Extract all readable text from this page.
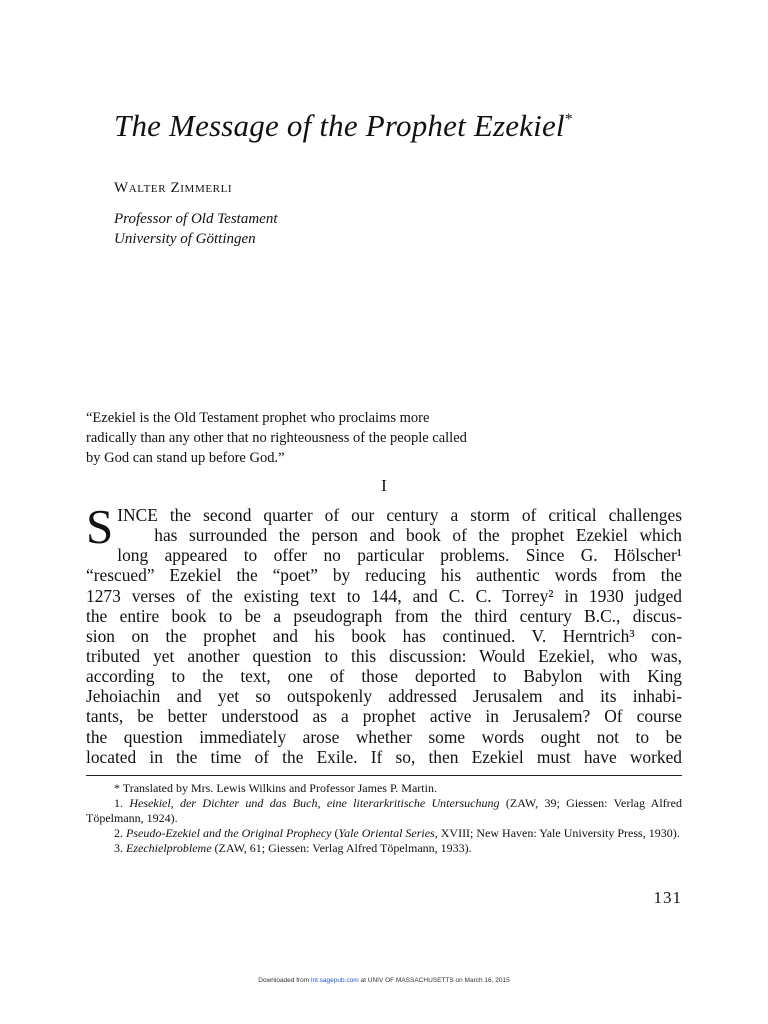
The Message of the Prophet Ezekiel*
Walter Zimmerli
Professor of Old Testament
University of Göttingen
“Ezekiel is the Old Testament prophet who proclaims more
radically than any other that no righteousness of the people called
by God can stand up before God.”
I
S INCE the second quarter of our century a storm of critical challenges
has surrounded the person and book of the prophet Ezekiel which
long appeared to offer no particular problems. Since G. Hölscher¹
“rescued” Ezekiel the “poet” by reducing his authentic words from the
1273 verses of the existing text to 144, and C. C. Torrey² in 1930 judged
the entire book to be a pseudograph from the third century B.C., discus-
sion on the prophet and his book has continued. V. Herntrich³ con-
tributed yet another question to this discussion: Would Ezekiel, who was,
according to the text, one of those deported to Babylon with King
Jehoiachin and yet so outspokenly addressed Jerusalem and its inhabi-
tants, be better understood as a prophet active in Jerusalem? Of course
the question immediately arose whether some words ought not to be
located in the time of the Exile. If so, then Ezekiel must have worked
* Translated by Mrs. Lewis Wilkins and Professor James P. Martin.
1. Hesekiel, der Dichter und das Buch, eine literarkritische Untersuchung (ZAW, 39; Giessen: Verlag Alfred Töpelmann, 1924).
2. Pseudo-Ezekiel and the Original Prophecy (Yale Oriental Series, XVIII; New Haven: Yale University Press, 1930).
3. Ezechielprobleme (ZAW, 61; Giessen: Verlag Alfred Töpelmann, 1933).
131
Downloaded from int.sagepub.com at UNIV OF MASSACHUSETTS on March 16, 2015
